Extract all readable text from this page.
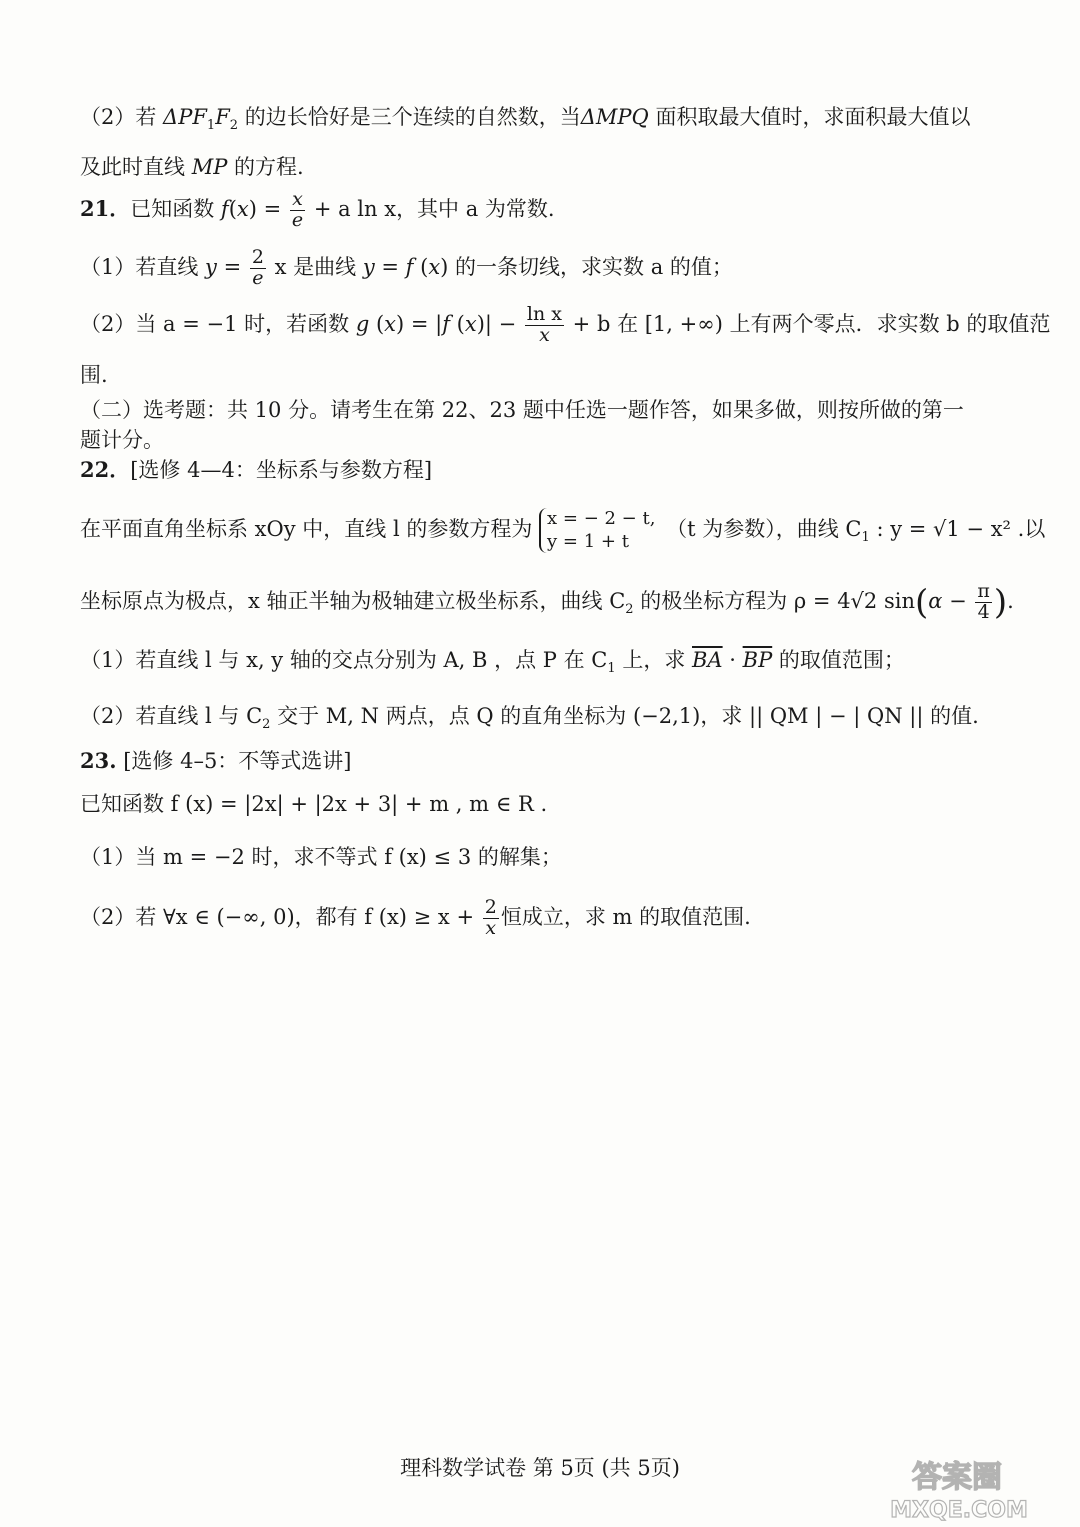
（2）若 $\Delta PF_1F_2$ 的边长恰好是三个连续的自然数，当ΔMPQ 面积取最大值时，求面积最大值以
及此时直线 MP 的方程.
21．已知函数 $f(x) = \frac{x}{e} + a$ ln x，其中 a 为常数.
（1）若直线 $y = \frac{2}{e}$ x 是曲线 y = f (x) 的一条切线，求实数 a 的值；
（2）当 a = −1 时，若函数 g (x) = |f $(x)| - \frac{\text{ln x}}{x} + b$ 在 [1, +∞) 上有两个零点．求实数 b 的取值范
围.
（二）选考题：共 10 分。请考生在第 22、23 题中任选一题作答，如果多做，则按所做的第一
题计分。
22．[选修 4—4：坐标系与参数方程]
在平面直角坐标系 xOy 中，直线 l 的参数方程为 x = − 2 − t,
y = 1 + t	（t 为参数），曲线 $C_1$ : y = √1 − x² .以
坐标原点为极点，x 轴正半轴为极轴建立极坐标系，曲线 $C_2$ 的极坐标方程为 ρ = 4√2 $\sin(\alpha - \frac{\pi}{4}$ ).
（1）若直线 l 与 x, y 轴的交点分别为 A, B ，点 P 在 $C_1$ 上，求 $\overline{BA} \cdot \overline{BP}$ 的取值范围；
（2）若直线 l 与 $C_2$ 交于 M, N 两点，点 Q 的直角坐标为 (−2,1)，求 || QM | − | QN || 的值.
23. [选修 4–5：不等式选讲]
已知函数 f (x) = |2x| + |2x + 3| + m , m ∈ R .
（1）当 m = −2 时，求不等式 f (x) ≤ 3 的解集；
（2）若 ∀x ∈ (−∞, 0)，都有 f $(x) \ge x + \frac{2}{x}$ 恒成立，求 m 的取值范围.
理科数学试卷 第 5页 (共 5页)	答案圈
MXQE.COM
